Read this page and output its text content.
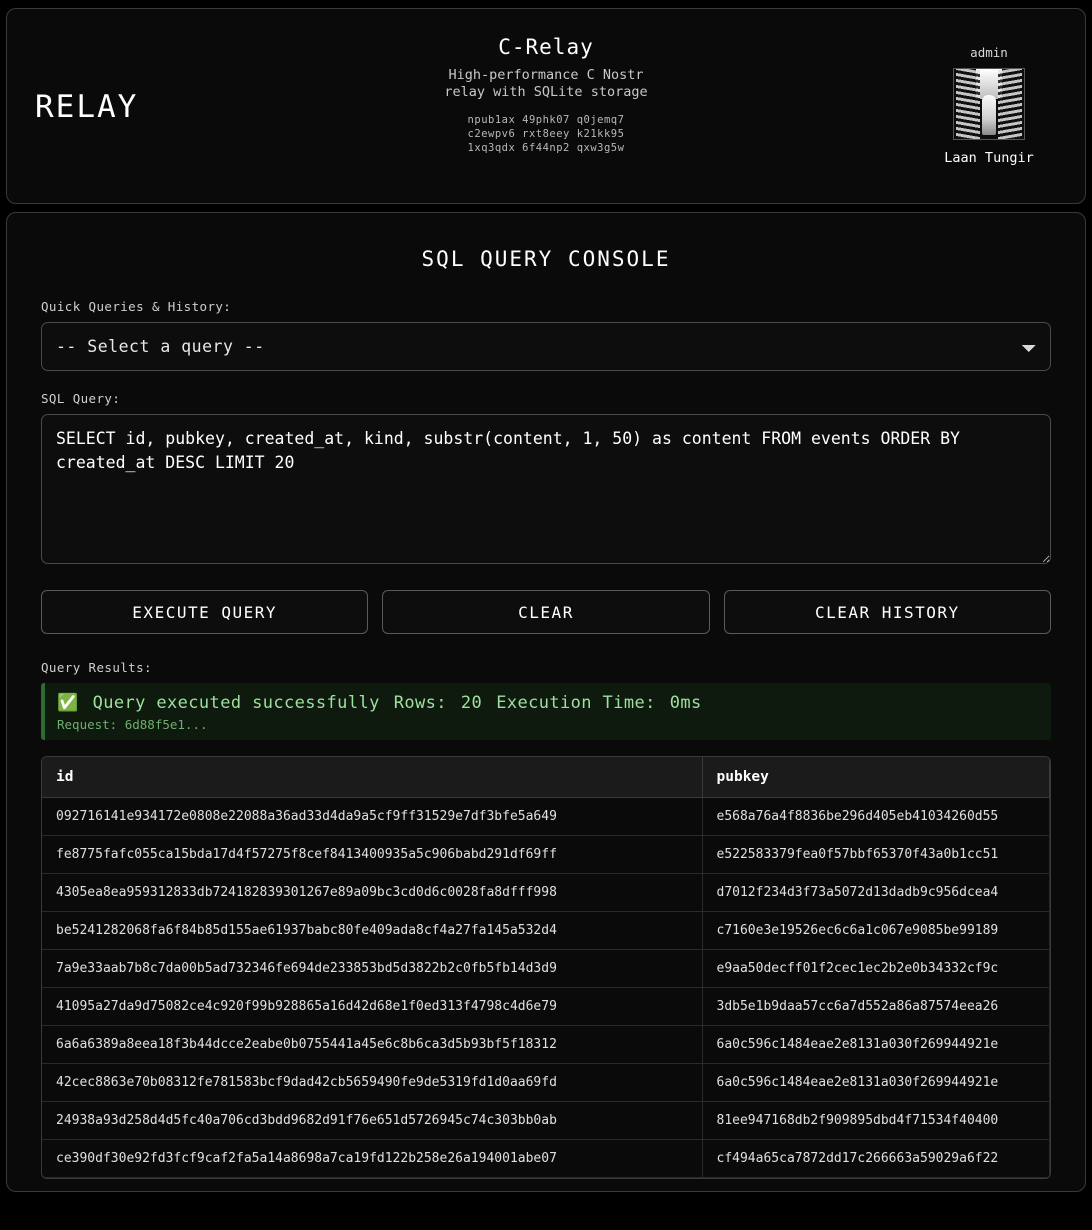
RELAY
C-Relay
High-performance C Nostr relay with SQLite storage
npub1ax 49phk07 q0jemq7
c2ewpv6 rxt8eey k21kk95
1xq3qdx 6f44np2 qxw3g5w
admin
Laan Tungir
SQL QUERY CONSOLE
Quick Queries & History:
-- Select a query --
SQL Query:
SELECT id, pubkey, created_at, kind, substr(content, 1, 50) as content FROM events ORDER BY created_at DESC LIMIT 20
EXECUTE QUERY	CLEAR	CLEAR HISTORY
Query Results:
✅ Query executed successfully Rows: 20 Execution Time: 0ms
Request: 6d88f5e1...
id	pubkey
092716141e934172e0808e22088a36ad33d4da9a5cf9ff31529e7df3bfe5a649	e568a76a4f8836be296d405eb41034260d55
fe8775fafc055ca15bda17d4f57275f8cef8413400935a5c906babd291df69ff	e522583379fea0f57bbf65370f43a0b1cc51
4305ea8ea959312833db724182839301267e89a09bc3cd0d6c0028fa8dfff998	d7012f234d3f73a5072d13dadb9c956dcea4
be5241282068fa6f84b85d155ae61937babc80fe409ada8cf4a27fa145a532d4	c7160e3e19526ec6c6a1c067e9085be99189
7a9e33aab7b8c7da00b5ad732346fe694de233853bd5d3822b2c0fb5fb14d3d9	e9aa50decff01f2cec1ec2b2e0b34332cf9c
41095a27da9d75082ce4c920f99b928865a16d42d68e1f0ed313f4798c4d6e79	3db5e1b9daa57cc6a7d552a86a87574eea26
6a6a6389a8eea18f3b44dcce2eabe0b0755441a45e6c8b6ca3d5b93bf5f18312	6a0c596c1484eae2e8131a030f269944921e
42cec8863e70b08312fe781583bcf9dad42cb5659490fe9de5319fd1d0aa69fd	6a0c596c1484eae2e8131a030f269944921e
24938a93d258d4d5fc40a706cd3bdd9682d91f76e651d5726945c74c303bb0ab	81ee947168db2f909895dbd4f71534f40400
ce390df30e92fd3fcf9caf2fa5a14a8698a7ca19fd122b258e26a194001abe07	cf494a65ca7872dd17c266663a59029a6f22
